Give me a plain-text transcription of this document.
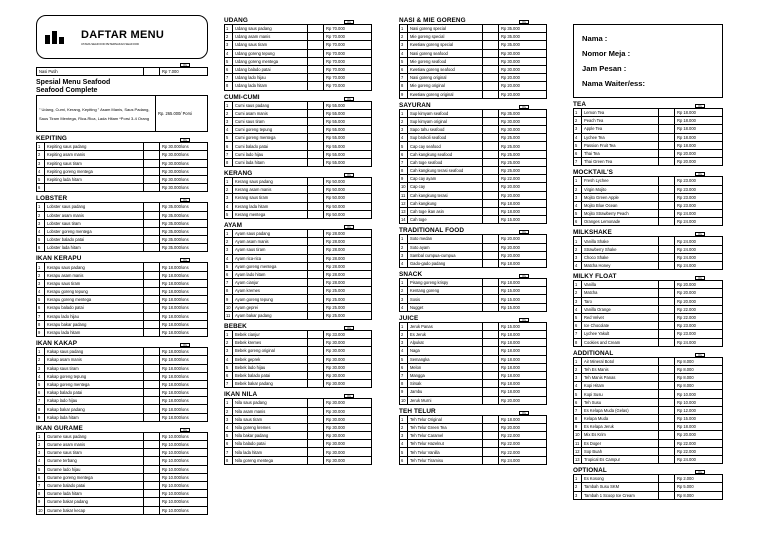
DAFTAR MENU
UTAMA SEAFOOD PETERNAKAN SEAFOOD
Qty
Nasi Putih		Rp 7.000
Spesial Menu Seafood
Seafood Complete
" Udang, Cumi, Kerang, Kepiting " Asam Manis, Saus Padang, Saus Tiram Mentega, Rica-Rica, Lada Hitam *Porsi 3-4 Orang	Rp. 265.000/ Porsi
KEPITING	Qty
1	Kepiting saus padang		Rp 30.000/ons
2	Kepiting asam manis		Rp 30.000/ons
3	Kepiting saus tiram		Rp 30.000/ons
4	Kepiting goreng mentega		Rp 30.000/ons
5	Kepiting lada hitam		Rp 30.000/ons
6			Rp 30.000/ons
LOBSTER	Qty
1	Lobster saus padang		Rp 35.000/ons
2	Lobster asam manis		Rp 35.000/ons
3	Lobster saus tiram		Rp 35.000/ons
4	Lobster goreng mentega		Rp 35.000/ons
5	Lobster balado patai		Rp 35.000/ons
6	Lobster lada hitam		Rp 35.000/ons
IKAN KERAPU	Qty
1	Kerapu saus padang		Rp 18.000/ons
2	Kerapu asam manis		Rp 18.000/ons
3	Kerapu saus tiram		Rp 18.000/ons
4	Kerapu goreng tepung		Rp 18.000/ons
5	Kerapu goreng mentega		Rp 18.000/ons
6	Kerapu balado patai		Rp 18.000/ons
7	Kerapu lado hijau		Rp 18.000/ons
8	Kerapu bakar padang		Rp 18.000/ons
9	Kerapu lada hitam		Rp 18.000/ons
IKAN KAKAP	Qty
1	Kakap saus padang		Rp 18.000/ons
2	Kakap asam manis		Rp 18.000/ons
3	Kakap saus tiram		Rp 18.000/ons
4	Kakap goreng tepung		Rp 18.000/ons
5	Kakap goreng mentega		Rp 18.000/ons
6	Kakap balado patai		Rp 18.000/ons
7	Kakap lado hijau		Rp 18.000/ons
8	Kakap bakar padang		Rp 18.000/ons
9	Kakap lada hitam		Rp 18.000/ons
IKAN GURAME	Qty
1	Gurame saus padang		Rp 10.000/ons
2	Gurame asam manis		Rp 10.000/ons
3	Gurame saus tiram		Rp 10.000/ons
4	Gurame terbang		Rp 10.000/ons
5	Gurame lado hijau		Rp 10.000/ons
6	Gurame goreng mentega		Rp 10.000/ons
7	Gurame balado patai		Rp 10.000/ons
8	Gurame lada hitam		Rp 10.000/ons
9	Gurame bakar padang		Rp 10.000/ons
10	Gurame bakar kecap		Rp 10.000/ons
UDANG	Qty
1	Udang saus padang		Rp 70.000
2	Udang asam manis		Rp 70.000
3	Udang saus tiram		Rp 70.000
4	Udang goreng tepung		Rp 70.000
5	Udang goreng mentega		Rp 70.000
6	Udang balado patai		Rp 70.000
7	Udang lado hijau		Rp 70.000
8	Udang lada hitam		Rp 70.000
CUMI-CUMI	Qty
1	Cumi saus padang		Rp 55.000
2	Cumi asam manis		Rp 55.000
3	Cumi saus tiram		Rp 55.000
4	Cumi goreng tepung		Rp 55.000
5	Cumi goreng mentega		Rp 55.000
6	Cumi balado patai		Rp 55.000
7	Cumi lado hijau		Rp 55.000
8	Cumi lada hitam		Rp 55.000
KERANG	Qty
1	Kerang saus padang		Rp 50.000
2	Kerang asam manis		Rp 50.000
3	Kerang saus tiram		Rp 50.000
4	Kerang lada hitam		Rp 50.000
5	Kerang mentega		Rp 50.000
AYAM	Qty
1	Ayam saus padang		Rp 28.000
2	Ayam asam manis		Rp 28.000
3	Ayam saus tiram		Rp 28.000
4	Ayam rica-rica		Rp 28.000
5	Ayam goreng mentega		Rp 28.000
6	Ayam lado hitam		Rp 28.000
7	Ayam cianjur		Rp 28.000
8	Ayam kremes		Rp 25.000
9	Ayam goreng tepung		Rp 25.000
10	Ayam geprei		Rp 25.000
11	Ayam bakar padang		Rp 25.000
BEBEK	Qty
1	Bebek cianjur		Rp 33.000
2	Bebek kremes		Rp 30.000
3	Bebek goreng original		Rp 30.000
4	Bebek geprek		Rp 30.000
5	Bebek lado hijau		Rp 30.000
6	Bebek balado patai		Rp 30.000
7	Bebek bakar padang		Rp 30.000
IKAN NILA	Qty
1	Nila saus padang		Rp 30.000
2	Nila asam manis		Rp 30.000
3	Nila saus tiram		Rp 30.000
4	Nila goreng kremes		Rp 30.000
5	Nila bakar padang		Rp 30.000
6	Nila balado patai		Rp 30.000
7	Nila lada hitam		Rp 30.000
8	Nila goreng mentega		Rp 30.000
NASI & MIE GORENG	Qty
1	Nasi goreng special		Rp 35.000
2	Mie goreng special		Rp 35.000
3	Kwetiaw goreng special		Rp 35.000
4	Nasi goreng seafood		Rp 30.000
5	Mie goreng seafood		Rp 30.000
6	Kwetiaw goreng seafood		Rp 30.000
7	Nasi goreng original		Rp 20.000
8	Mie goreng original		Rp 20.000
9	Kwetiaw goreng original		Rp 20.000
SAYURAN	Qty
1	Sup kimyam seafood		Rp 35.000
2	Sup kimyam original		Rp 30.000
3	Sapo tahu seafood		Rp 30.000
4	Sup brokoli seafood		Rp 25.000
5	Cap cay seafood		Rp 25.000
6	Cah kangkung seafood		Rp 25.000
7	Cah toge seafood		Rp 25.000
8	Cah kangkung terasi seafood		Rp 25.000
9	Cap cay ayam		Rp 22.000
10	Cap cay		Rp 20.000
11	Cah kangkung terasi		Rp 20.000
12	Cah kangkung		Rp 18.000
13	Cah toge ikan asin		Rp 18.000
14	Cah toge		Rp 15.000
TRADITIONAL FOOD	Qty
1	Soto medan		Rp 20.000
2	Soto ayam		Rp 20.000
3	Sambal cumpua-cumpua		Rp 20.000
4	Gado-gado padang		Rp 18.000
SNACK	Qty
1	Pisang goreng krispy		Rp 18.000
2	Kentang goreng		Rp 15.000
3	Sosis		Rp 15.000
4	Nugget		Rp 15.000
JUICE	Qty
1	Jeruk Panas		Rp 15.000
2	Es Jeruk		Rp 18.000
3	Alpukat		Rp 18.000
4	Naga		Rp 18.000
5	Semangka		Rp 18.000
6	Melon		Rp 18.000
7	Mangga		Rp 18.000
8	Sirsak		Rp 18.000
9	Jambu		Rp 18.000
10	Jeruk Murni		Rp 20.000
TEH TELUR	Qty
1	Teh Telur Original		Rp 18.000
2	Teh Telur Green Tea		Rp 20.000
3	Teh Telur Caramel		Rp 22.000
4	Teh Telur Hazelnut		Rp 22.000
5	Teh Telur Vanilla		Rp 22.000
6	Teh Telur Tiramisu		Rp 24.000
Nama :
Nomor Meja :
Jam Pesan :
Nama Waiter/ess:
TEA	Qty
1	Lemon Tea		Rp 18.000
2	Peach Tea		Rp 18.000
3	Apple Tea		Rp 18.000
4	Lychee Tea		Rp 18.000
5	Passion Fruit Tea		Rp 18.000
6	Thai Tea		Rp 20.000
7	Thai Green Tea		Rp 20.000
MOCKTAIL'S	Qty
1	Fresh Lychee		Rp 23.000
2	Virgin Mojito		Rp 23.000
3	Mojito Green Apple		Rp 23.000
4	Mojito Blue Ocean		Rp 23.000
5	Mojito Strawberry Peach		Rp 24.000
6	Oranges Lemonade		Rp 24.000
MILKSHAKE	Qty
1	Vanilla Shake		Rp 24.000
2	Strawberry Shake		Rp 24.000
3	Choco Shake		Rp 24.000
4	Matcha Honey		Rp 24.000
MILKY FLOAT	Qty
1	Vanilla		Rp 20.000
2	Matcha		Rp 20.000
3	Taro		Rp 20.000
4	Vanilla Orange		Rp 22.000
5	Red Velvet		Rp 22.000
6	Ice Chocolate		Rp 23.000
7	Lychee Yakult		Rp 23.000
8	Cookies and Cream		Rp 24.000
ADDITIONAL	Qty
1	Air Mineral Botol		Rp 8.000
2	Teh Es Manis		Rp 8.000
3	Teh Manis Panas		Rp 8.000
4	Kopi Hitam		Rp 8.000
5	Kopi Susu		Rp 10.000
6	Teh Susu		Rp 10.000
7	Es Kelapa Muda (Gelas)		Rp 12.000
8	Kelapa Muda		Rp 15.000
9	Es Kelapa Jeruk		Rp 18.000
10	Mix Es Krim		Rp 20.000
11	Es Doger		Rp 22.000
12	Sop Buah		Rp 22.000
13	Tropical Es Campur		Rp 24.000
OPTIONAL	Qty
1	Es Kosong		Rp 2.000
2	Tambah Susu SKM		Rp 5.000
3	Tambah 1 Scoop Ice Cream		Rp 8.000
